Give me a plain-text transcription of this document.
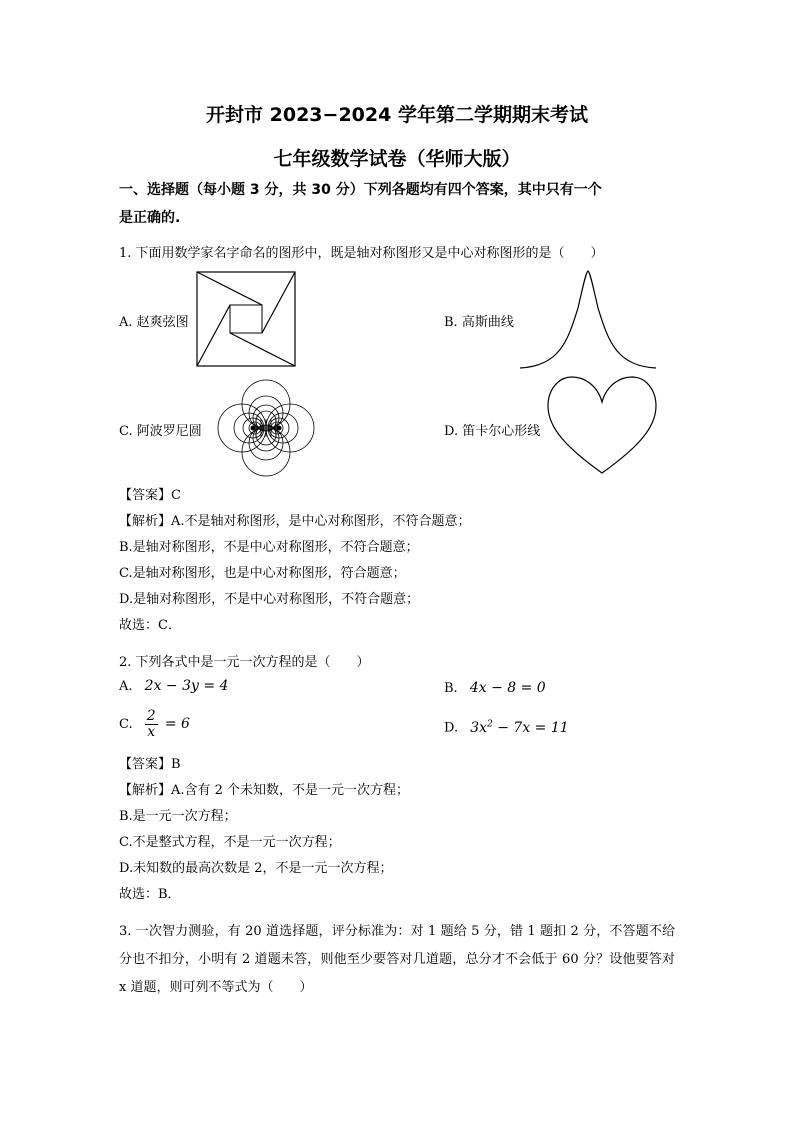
开封市 2023−2024 学年第二学期期末考试
七年级数学试卷（华师大版）
一、选择题（每小题 3 分，共 30 分）下列各题均有四个答案，其中只有一个
是正确的.
1. 下面用数学家名字命名的图形中，既是轴对称图形又是中心对称图形的是（　　）
A. 赵爽弦图	B. 高斯曲线
C. 阿波罗尼圆	D. 笛卡尔心形线
【答案】C
【解析】A.不是轴对称图形，是中心对称图形，不符合题意；
B.是轴对称图形，不是中心对称图形，不符合题意；
C.是轴对称图形，也是中心对称图形，符合题意；
D.是轴对称图形，不是中心对称图形，不符合题意；
故选：C．
2. 下列各式中是一元一次方程的是（　　）
A. 2x − 3y = 4	B. 4x − 8 = 0
C. $\frac{2}{x} = 6$	D. $3x^2 - 7x = 11$
【答案】B
【解析】A.含有 2 个未知数，不是一元一次方程；
B.是一元一次方程；
C.不是整式方程，不是一元一次方程；
D.未知数的最高次数是 2，不是一元一次方程；
故选：B．
3. 一次智力测验，有 20 道选择题，评分标准为：对 1 题给 5 分，错 1 题扣 2 分，不答题不给分也不扣分，小明有 2 道题未答，则他至少要答对几道题，总分才不会低于 60 分？设他要答对 x 道题，则可列不等式为（　　）
